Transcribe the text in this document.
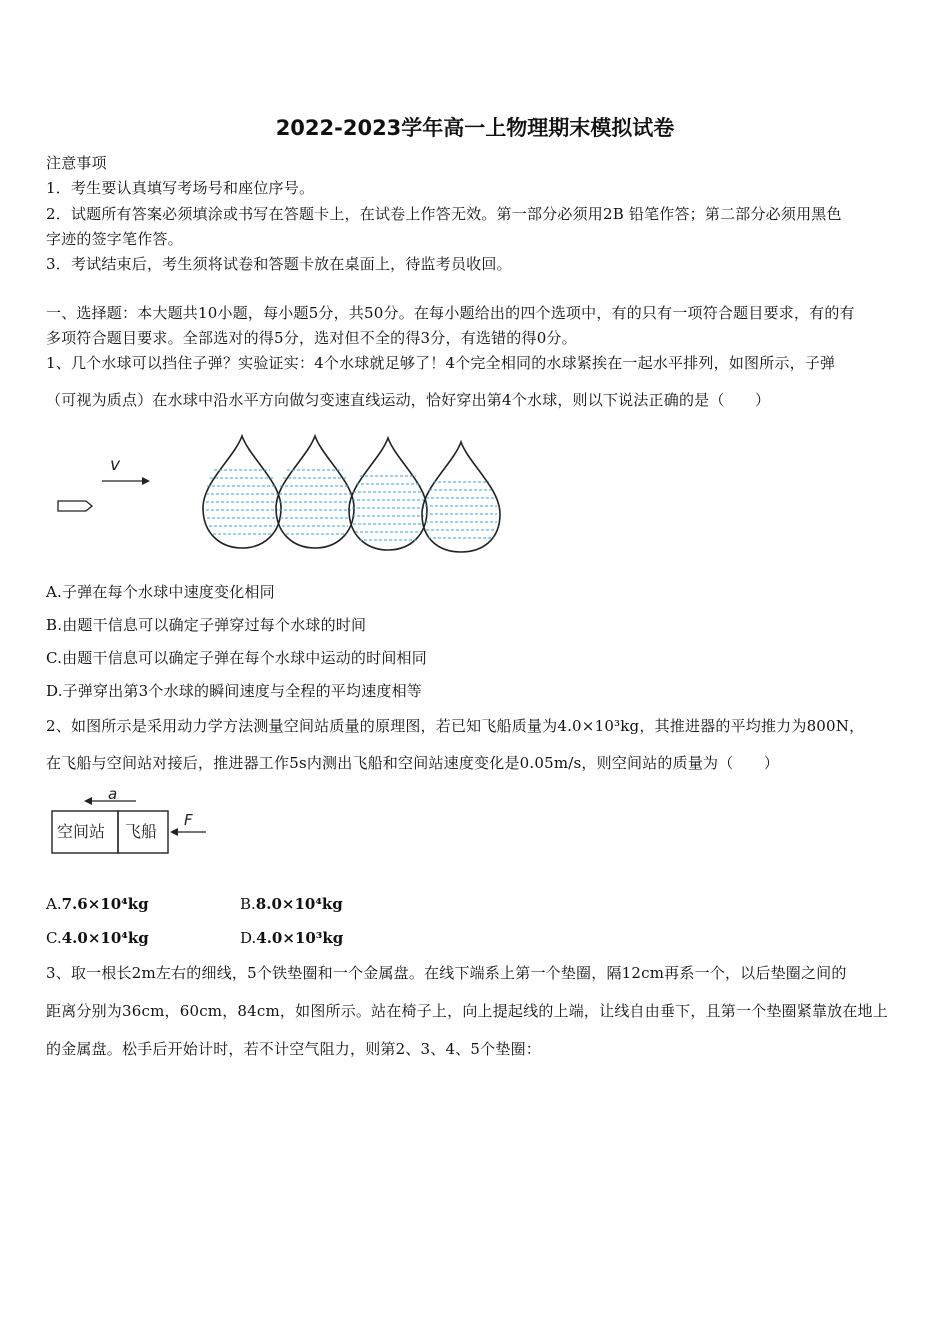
2022-2023学年高一上物理期末模拟试卷
注意事项
1．考生要认真填写考场号和座位序号。
2．试题所有答案必须填涂或书写在答题卡上，在试卷上作答无效。第一部分必须用2B 铅笔作答；第二部分必须用黑色
字迹的签字笔作答。
3．考试结束后，考生须将试卷和答题卡放在桌面上，待监考员收回。
一、选择题：本大题共10小题，每小题5分，共50分。在每小题给出的四个选项中，有的只有一项符合题目要求，有的有
多项符合题目要求。全部选对的得5分，选对但不全的得3分，有选错的得0分。
1、几个水球可以挡住子弹？实验证实：4个水球就足够了！4个完全相同的水球紧挨在一起水平排列，如图所示，子弹
（可视为质点）在水球中沿水平方向做匀变速直线运动，恰好穿出第4个水球，则以下说法正确的是（　　）
v
A.子弹在每个水球中速度变化相同
B.由题干信息可以确定子弹穿过每个水球的时间
C.由题干信息可以确定子弹在每个水球中运动的时间相同
D.子弹穿出第3个水球的瞬间速度与全程的平均速度相等
2、如图所示是采用动力学方法测量空间站质量的原理图，若已知飞船质量为4.0×10³kg，其推进器的平均推力为800N，
在飞船与空间站对接后，推进器工作5s内测出飞船和空间站速度变化是0.05m/s，则空间站的质量为（　　）
a
空间站 飞船
F
A.7.6×10⁴kg	B.8.0×10⁴kg
C.4.0×10⁴kg	D.4.0×10³kg
3、取一根长2m左右的细线，5个铁垫圈和一个金属盘。在线下端系上第一个垫圈，隔12cm再系一个，以后垫圈之间的
距离分别为36cm，60cm，84cm，如图所示。站在椅子上，向上提起线的上端，让线自由垂下，且第一个垫圈紧靠放在地上
的金属盘。松手后开始计时，若不计空气阻力，则第2、3、4、5个垫圈：
